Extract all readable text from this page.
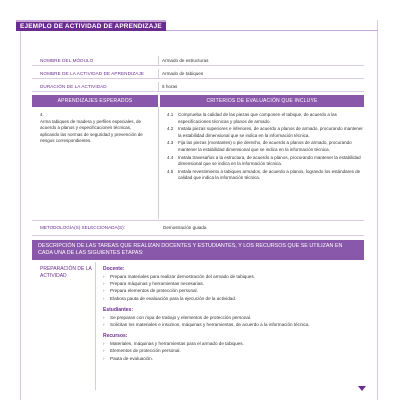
EJEMPLO DE ACTIVIDAD DE APRENDIZAJE
NOMBRE DEL MÓDULO	Armado de estructuras
NOMBRE DE LA ACTIVIDAD DE APRENDIZAJE	Armado de tabiques
DURACIÓN DE LA ACTIVIDAD	6 horas
APRENDIZAJES ESPERADOS	CRITERIOS DE EVALUACIÓN QUE INCLUYE
4.
Arma tabiques de madera y perfiles especiales, de acuerdo a planos y especificaciones técnicas, aplicando las normas de seguridad y prevención de riesgos correspondientes.
4.1 Comprueba la calidad de las piezas que componen el tabique, de acuerdo a las especificaciones técnicas y planos de armado.
4.2 Instala piezas superiores e inferiores, de acuerdo a planos de armado, procurando mantener la estabilidad dimensional que se indica en la información técnica.
4.3 Fija las piezas (montantes) o pie derecho, de acuerdo a planos de armado, procurando mantener la estabilidad dimensional que se indica en la información técnica.
4.4 Instala travesaños a la estructura, de acuerdo a planos, procurando mantener la estabilidad dimensional que se indica en la información técnica.
4.5 Instala revestimiento a tabiques armados, de acuerdo a planos, logrando los estándares de calidad que indica la información técnica.
METODOLOGÍA(S) SELECCIONADA(S):	Demostración guiada
DESCRIPCIÓN DE LAS TAREAS QUE REALIZAN DOCENTES Y ESTUDIANTES, Y LOS RECURSOS QUE SE UTILIZAN EN CADA UNA DE LAS SIGUIENTES ETAPAS:
PREPARACIÓN DE LA ACTIVIDAD
Docente:
› Prepara materiales para realizar demostración del armado de tabiques.
› Prepara máquinas y herramientas necesarias.
› Prepara elementos de protección personal.
› Elabora pauta de evaluación para la ejecución de la actividad.
Estudiantes:
› Se preparan con ropa de trabajo y elementos de protección personal.
› Solicitan los materiales e insumos, máquinas y herramientas, de acuerdo a la información técnica.
Recursos:
› Materiales, máquinas y herramientas para el armado de tabiques.
› Elementos de protección personal.
› Pauta de evaluación.
